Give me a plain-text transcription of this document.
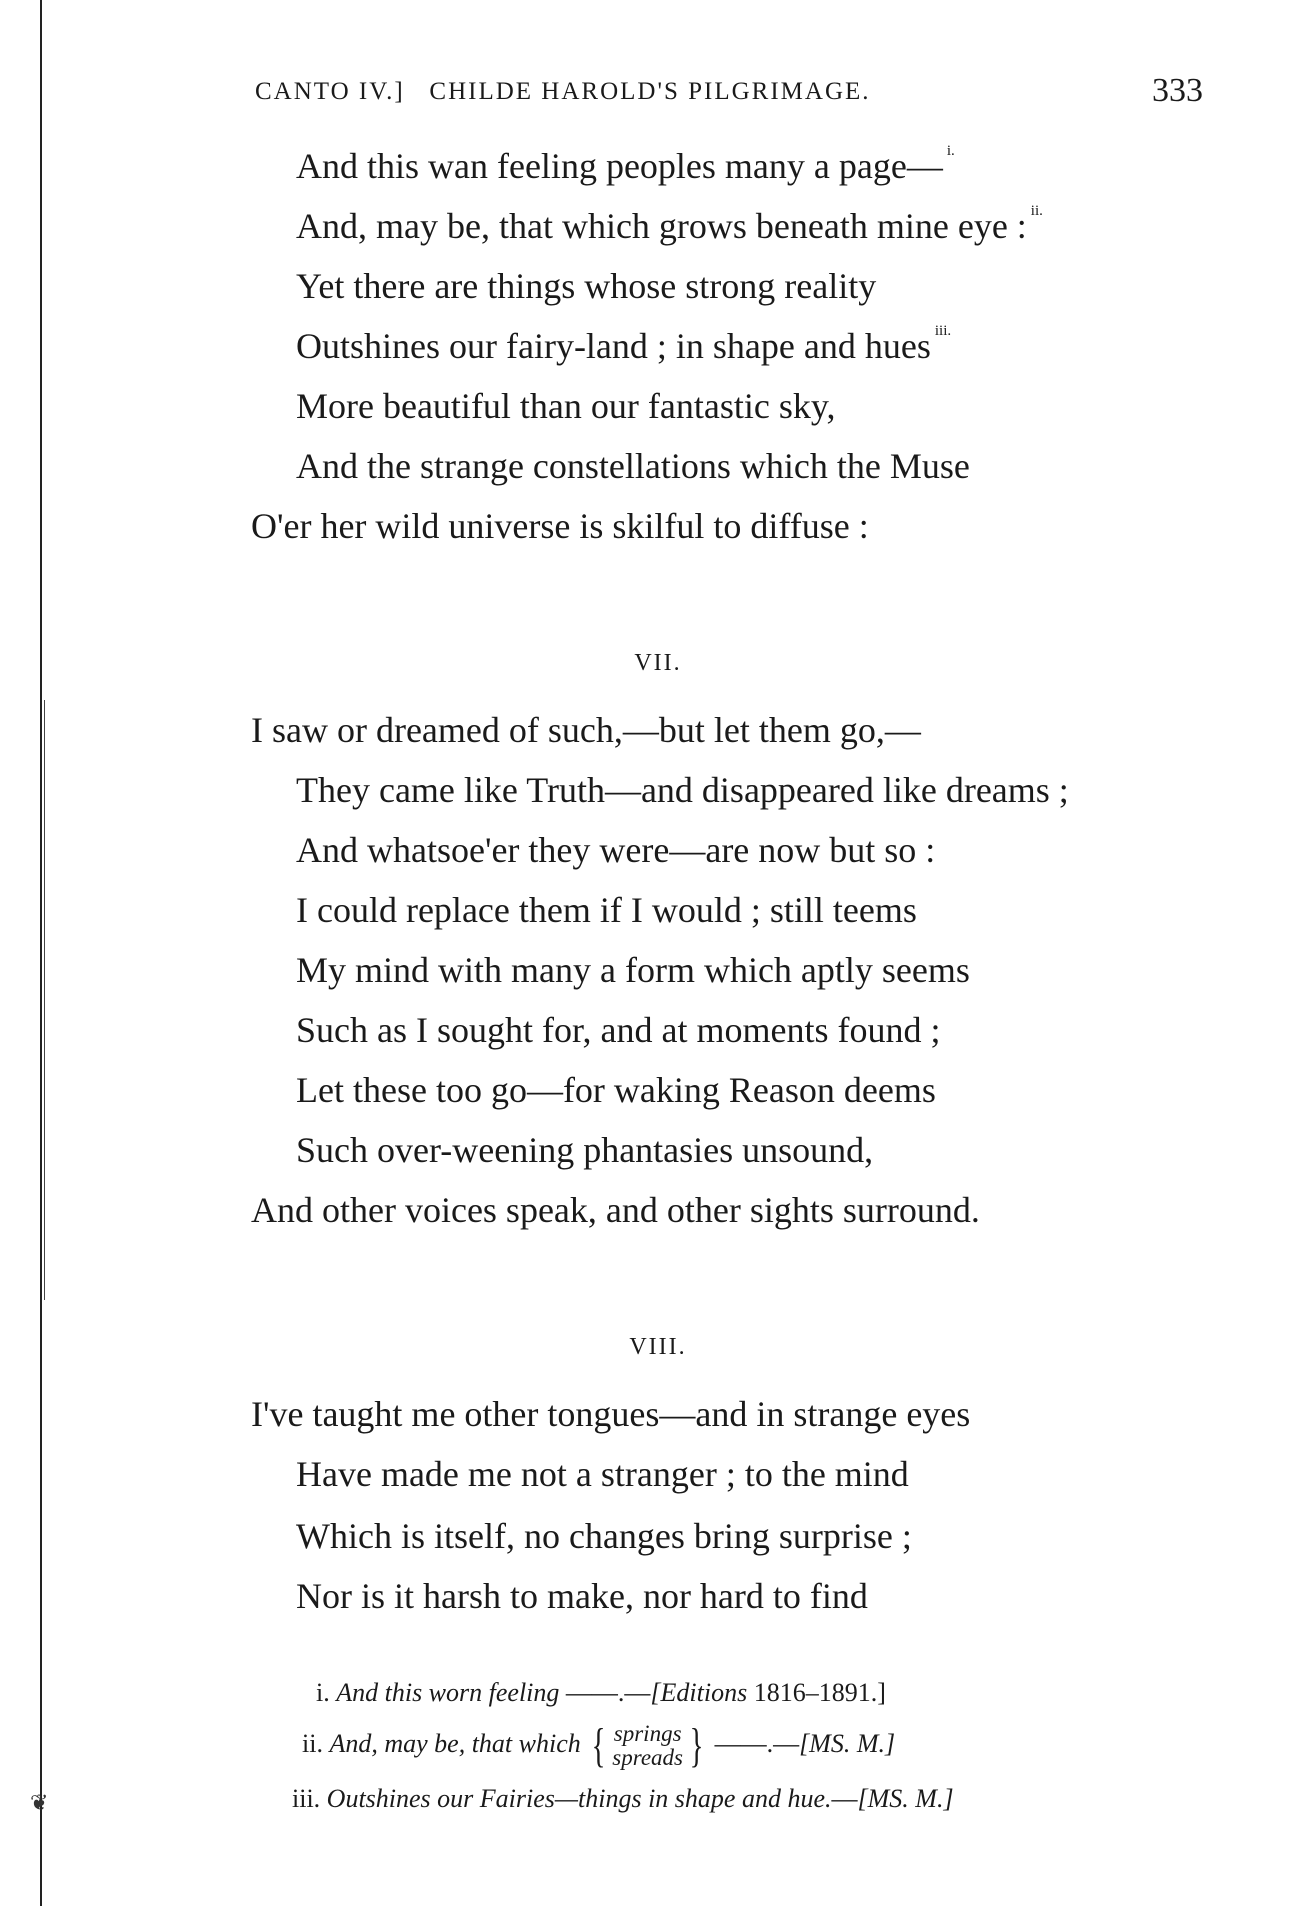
CANTO IV.]   CHILDE HAROLD'S PILGRIMAGE.	333
And this wan feeling peoples many a page— $^{i.}$
And, may be, that which grows beneath mine eye : $^{ii.}$
Yet there are things whose strong reality
Outshines our fairy-land ; in shape and hues $^{iii.}$
More beautiful than our fantastic sky,
And the strange constellations which the Muse
O'er her wild universe is skilful to diffuse :
VII.
I saw or dreamed of such,—but let them go,—
They came like Truth—and disappeared like dreams ;
And whatsoe'er they were—are now but so :
I could replace them if I would ; still teems
My mind with many a form which aptly seems
Such as I sought for, and at moments found ;
Let these too go—for waking Reason deems
Such over-weening phantasies unsound,
And other voices speak, and other sights surround.
VIII.
I've taught me other tongues—and in strange eyes
Have made me not a stranger ; to the mind
Which is itself, no changes bring surprise ;
Nor is it harsh to make, nor hard to find
i. And this worn feeling ——.—[Editions 1816–1891.]
ii. And, may be, that which { springs
spreads } ——.—[MS. M.]
iii. Outshines our Fairies—things in shape and hue.—[MS. M.]
❦
